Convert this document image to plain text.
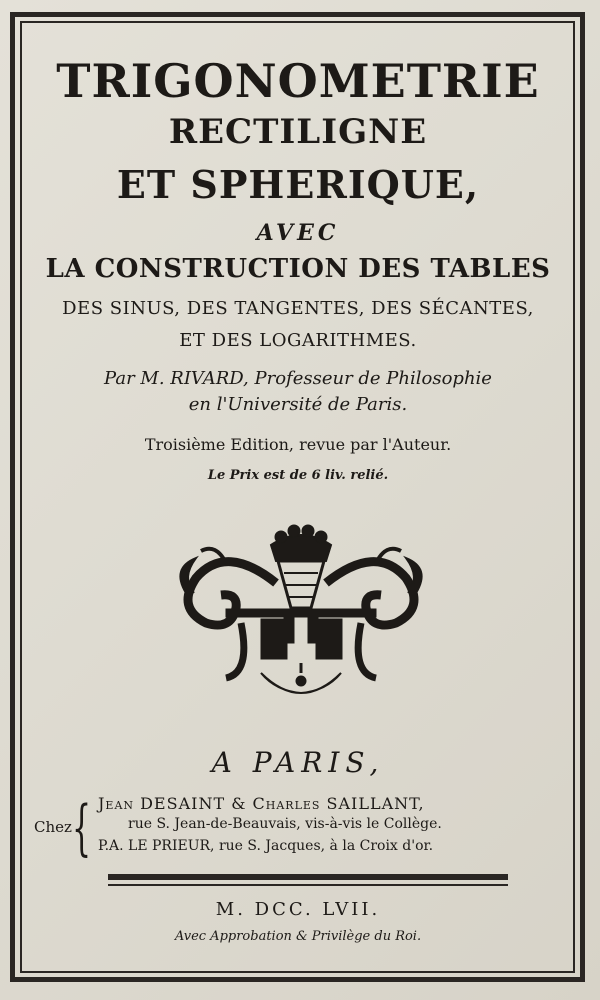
TRIGONOMETRIE
RECTILIGNE
ET SPHERIQUE,
AVEC
LA CONSTRUCTION DES TABLES
DES SINUS, DES TANGENTES, DES SÉCANTES,
ET DES LOGARITHMES.
Par M. RIVARD, Professeur de Philosophie
en l'Université de Paris.
Troisième Edition, revue par l'Auteur.
Le Prix est de 6 liv. relié.
A PARIS,
Chez { Jean DESAINT & Charles SAILLANT,
rue S. Jean-de-Beauvais, vis-à-vis le Collège.
P.A. LE PRIEUR, rue S. Jacques, à la Croix d'or.
M. DCC. LVII.
Avec Approbation & Privilège du Roi.
